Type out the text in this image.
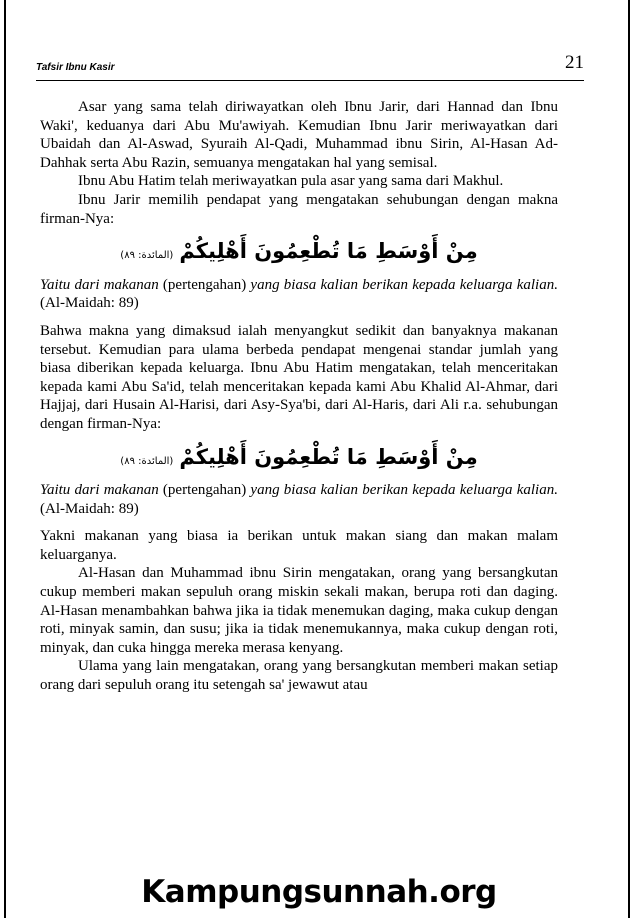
Tafsir Ibnu Kasir	21

Asar yang sama telah diriwayatkan oleh Ibnu Jarir, dari Hannad dan Ibnu Waki', keduanya dari Abu Mu'awiyah. Kemudian Ibnu Jarir meriwayatkan dari Ubaidah dan Al-Aswad, Syuraih Al-Qadi, Muhammad ibnu Sirin, Al-Hasan Ad-Dahhak serta Abu Razin, semuanya mengatakan hal yang semisal.

Ibnu Abu Hatim telah meriwayatkan pula asar yang sama dari Makhul.

Ibnu Jarir memilih pendapat yang mengatakan sehubungan dengan makna firman-Nya:

مِنْ أَوْسَطِ مَا تُطْعِمُونَ أَهْلِيكُمْ
(المائدة: ٨٩)

Yaitu dari makanan (pertengahan) yang biasa kalian berikan kepada keluarga kalian. (Al-Maidah: 89)

Bahwa makna yang dimaksud ialah menyangkut sedikit dan banyaknya makanan tersebut. Kemudian para ulama berbeda pendapat mengenai standar jumlah yang biasa diberikan kepada keluarga. Ibnu Abu Hatim mengatakan, telah menceritakan kepada kami Abu Sa'id, telah menceritakan kepada kami Abu Khalid Al-Ahmar, dari Hajjaj, dari Husain Al-Harisi, dari Asy-Sya'bi, dari Al-Haris, dari Ali r.a. sehubungan dengan firman-Nya:

مِنْ أَوْسَطِ مَا تُطْعِمُونَ أَهْلِيكُمْ
(المائدة: ٨٩)

Yaitu dari makanan (pertengahan) yang biasa kalian berikan kepada keluarga kalian. (Al-Maidah: 89)

Yakni makanan yang biasa ia berikan untuk makan siang dan makan malam keluarganya.

Al-Hasan dan Muhammad ibnu Sirin mengatakan, orang yang bersangkutan cukup memberi makan sepuluh orang miskin sekali makan, berupa roti dan daging. Al-Hasan menambahkan bahwa jika ia tidak menemukan daging, maka cukup dengan roti, minyak samin, dan susu; jika ia tidak menemukannya, maka cukup dengan roti, minyak, dan cuka hingga mereka merasa kenyang.

Ulama yang lain mengatakan, orang yang bersangkutan memberi makan setiap orang dari sepuluh orang itu setengah sa' jewawut atau

Kampungsunnah.org
